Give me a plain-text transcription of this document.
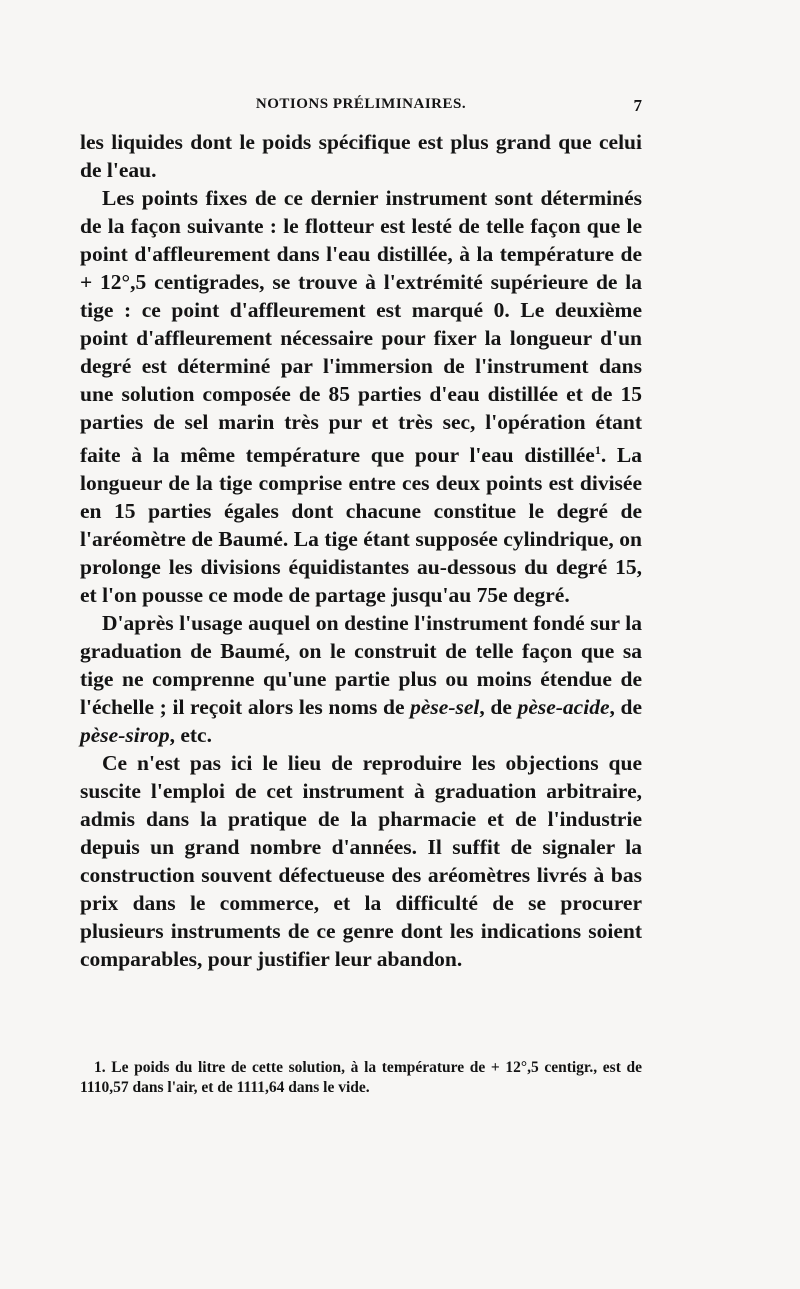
NOTIONS PRÉLIMINAIRES.	7

les liquides dont le poids spécifique est plus grand que celui de l'eau.

Les points fixes de ce dernier instrument sont déterminés de la façon suivante : le flotteur est lesté de telle façon que le point d'affleurement dans l'eau distillée, à la température de + 12°,5 centigrades, se trouve à l'extrémité supérieure de la tige : ce point d'affleurement est marqué 0. Le deuxième point d'affleurement nécessaire pour fixer la longueur d'un degré est déterminé par l'immersion de l'instrument dans une solution composée de 85 parties d'eau distillée et de 15 parties de sel marin très pur et très sec, l'opération étant faite à la même température que pour l'eau distillée$^1$. La longueur de la tige comprise entre ces deux points est divisée en 15 parties égales dont chacune constitue le degré de l'aréomètre de Baumé. La tige étant supposée cylindrique, on prolonge les divisions équidistantes au-dessous du degré 15, et l'on pousse ce mode de partage jusqu'au 75e degré.

D'après l'usage auquel on destine l'instrument fondé sur la graduation de Baumé, on le construit de telle façon que sa tige ne comprenne qu'une partie plus ou moins étendue de l'échelle ; il reçoit alors les noms de pèse-sel, de pèse-acide, de pèse-sirop, etc.

Ce n'est pas ici le lieu de reproduire les objections que suscite l'emploi de cet instrument à graduation arbitraire, admis dans la pratique de la pharmacie et de l'industrie depuis un grand nombre d'années. Il suffit de signaler la construction souvent défectueuse des aréomètres livrés à bas prix dans le commerce, et la difficulté de se procurer plusieurs instruments de ce genre dont les indications soient comparables, pour justifier leur abandon.

1. Le poids du litre de cette solution, à la température de + 12°,5 centigr., est de 1110,57 dans l'air, et de 1111,64 dans le vide.
